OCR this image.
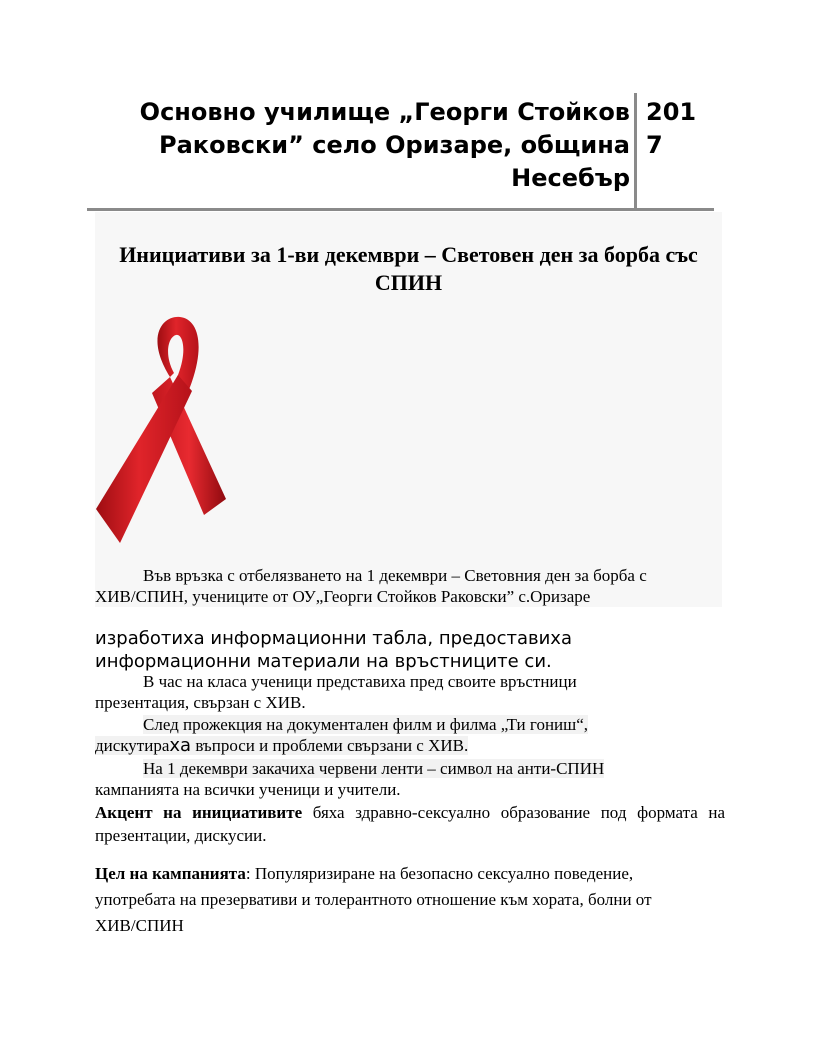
Основно училище „Георги Стойков
Раковски” село Оризаре, община
Несебър
201
7
Инициативи за 1-ви декември – Световен ден за борба със
СПИН
Във връзка с отбелязването на 1 декември – Световния ден за борба с
ХИВ/СПИН, учениците от ОУ„Георги Стойков Раковски” с.Оризаре
изработиха информационни табла, предоставиха
информационни материали на връстниците си.
В час на класа ученици представиха пред своите връстници
презентация, свързан с ХИВ.
След прожекция на документален филм и филма „Ти гониш“,
дискутираха въпроси и проблеми свързани с ХИВ.
На 1 декември закачиха червени ленти – символ на анти-СПИН
кампанията на всички ученици и учители.
Акцент на инициативите бяха здравно-сексуално образование под формата на презентации, дискусии.
Цел на кампанията: Популяризиране на безопасно сексуално поведение,
употребата на презервативи и толерантното отношение към хората, болни от
ХИВ/СПИН
